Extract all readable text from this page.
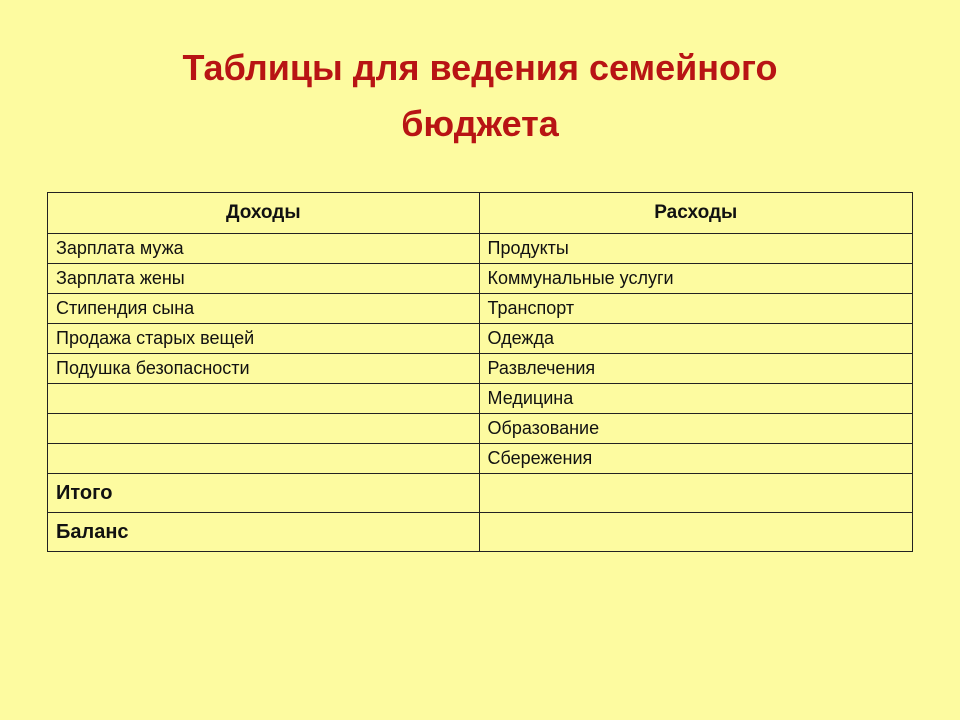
Таблицы для ведения семейного
бюджета
Доходы	Расходы
Зарплата мужа	Продукты
Зарплата жены	Коммунальные услуги
Стипендия сына	Транспорт
Продажа старых вещей	Одежда
Подушка безопасности	Развлечения
	Медицина
	Образование
	Сбережения
Итого	
Баланс	
